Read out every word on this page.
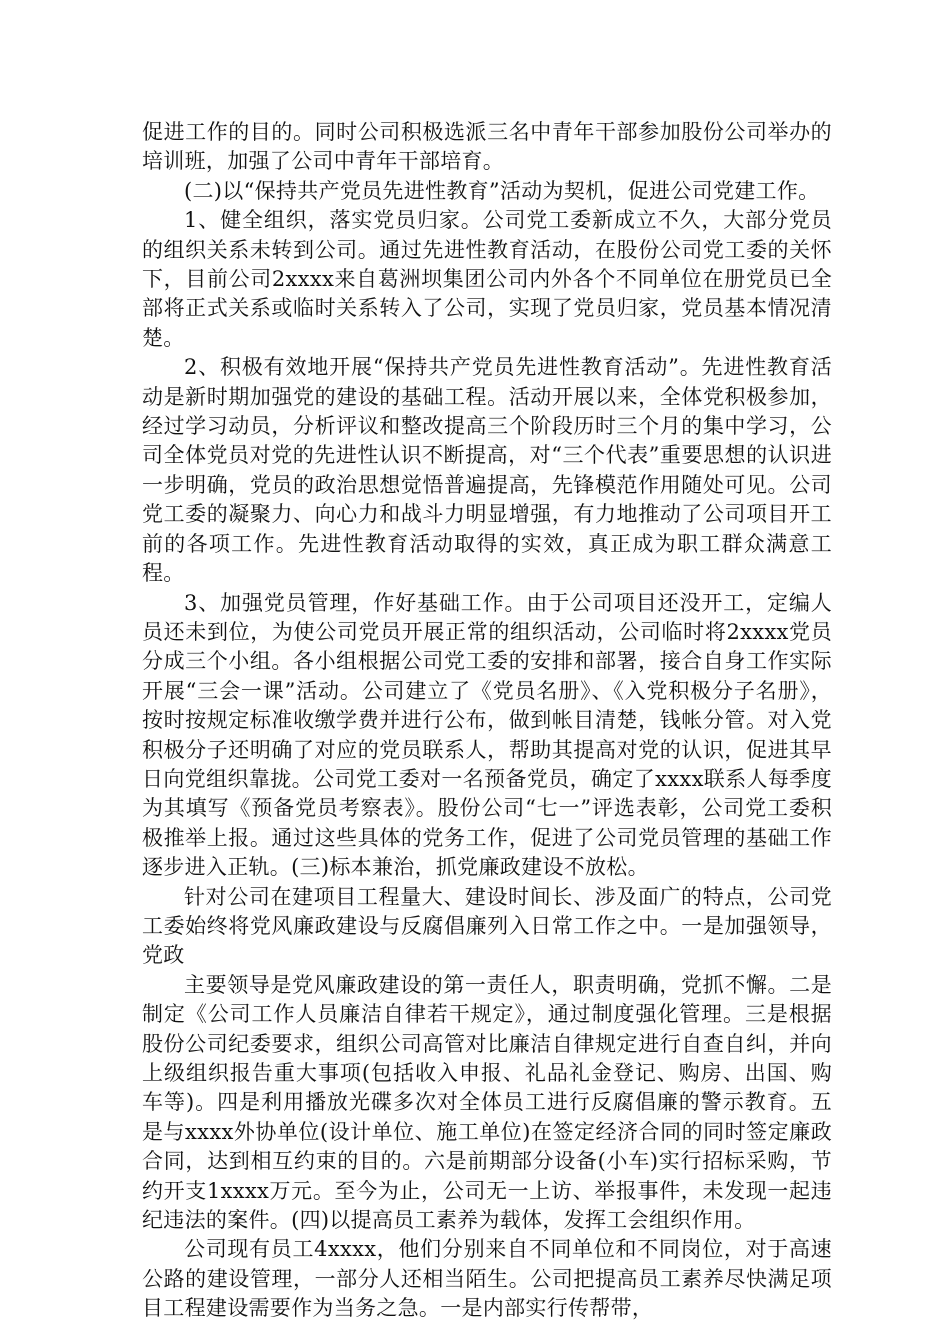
促进工作的目的。同时公司积极选派三名中青年干部参加股份公司举办的培训班，加强了公司中青年干部培育。

(二)以“保持共产党员先进性教育”活动为契机，促进公司党建工作。

1、健全组织，落实党员归家。公司党工委新成立不久，大部分党员的组织关系未转到公司。通过先进性教育活动，在股份公司党工委的关怀下，目前公司2xxxx来自葛洲坝集团公司内外各个不同单位在册党员已全部将正式关系或临时关系转入了公司，实现了党员归家，党员基本情况清楚。

2、积极有效地开展“保持共产党员先进性教育活动”。先进性教育活动是新时期加强党的建设的基础工程。活动开展以来，全体党积极参加，经过学习动员，分析评议和整改提高三个阶段历时三个月的集中学习，公司全体党员对党的先进性认识不断提高，对“三个代表”重要思想的认识进一步明确，党员的政治思想觉悟普遍提高，先锋模范作用随处可见。公司党工委的凝聚力、向心力和战斗力明显增强，有力地推动了公司项目开工前的各项工作。先进性教育活动取得的实效，真正成为职工群众满意工程。

3、加强党员管理，作好基础工作。由于公司项目还没开工，定编人员还未到位，为使公司党员开展正常的组织活动，公司临时将2xxxx党员分成三个小组。各小组根据公司党工委的安排和部署，接合自身工作实际开展“三会一课”活动。公司建立了《党员名册》、《入党积极分子名册》，按时按规定标准收缴学费并进行公布，做到帐目清楚，钱帐分管。对入党积极分子还明确了对应的党员联系人，帮助其提高对党的认识，促进其早日向党组织靠拢。公司党工委对一名预备党员，确定了xxxx联系人每季度为其填写《预备党员考察表》。股份公司“七一”评选表彰，公司党工委积极推举上报。通过这些具体的党务工作，促进了公司党员管理的基础工作逐步进入正轨。(三)标本兼治，抓党廉政建设不放松。

针对公司在建项目工程量大、建设时间长、涉及面广的特点，公司党工委始终将党风廉政建设与反腐倡廉列入日常工作之中。一是加强领导，党政

主要领导是党风廉政建设的第一责任人，职责明确，党抓不懈。二是制定《公司工作人员廉洁自律若干规定》，通过制度强化管理。三是根据股份公司纪委要求，组织公司高管对比廉洁自律规定进行自查自纠，并向上级组织报告重大事项(包括收入申报、礼品礼金登记、购房、出国、购车等)。四是利用播放光碟多次对全体员工进行反腐倡廉的警示教育。五是与xxxx外协单位(设计单位、施工单位)在签定经济合同的同时签定廉政合同，达到相互约束的目的。六是前期部分设备(小车)实行招标采购，节约开支1xxxx万元。至今为止，公司无一上访、举报事件，未发现一起违纪违法的案件。(四)以提高员工素养为载体，发挥工会组织作用。

公司现有员工4xxxx，他们分别来自不同单位和不同岗位，对于高速公路的建设管理，一部分人还相当陌生。公司把提高员工素养尽快满足项目工程建设需要作为当务之急。一是内部实行传帮带，
